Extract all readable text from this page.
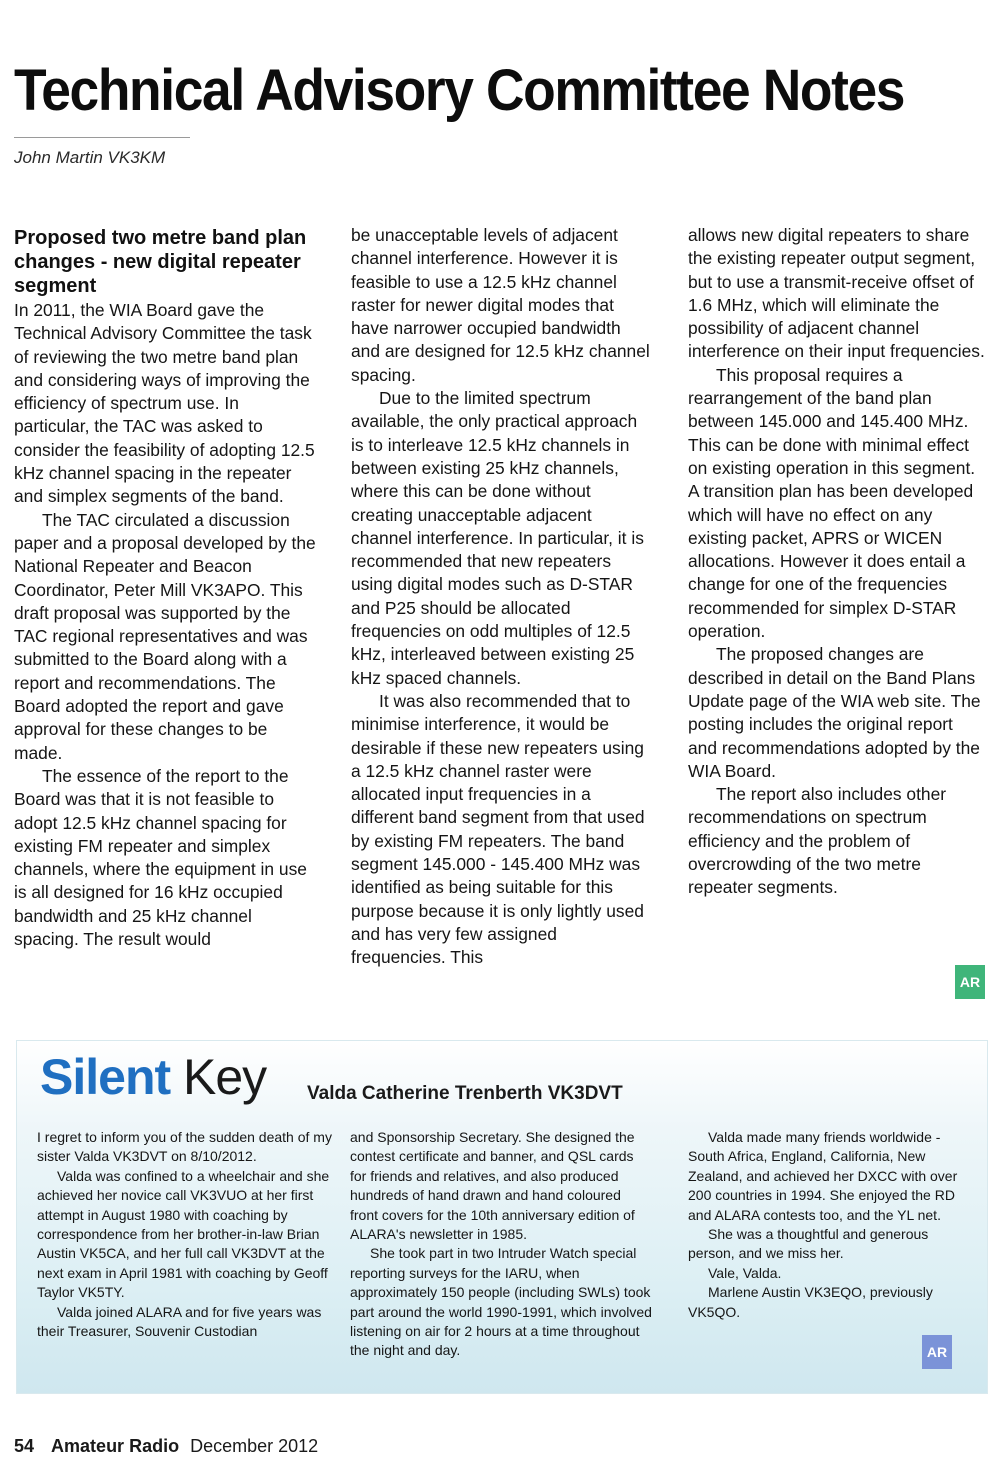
Technical Advisory Committee Notes
John Martin VK3KM
Proposed two metre band plan changes - new digital repeater segment

In 2011, the WIA Board gave the Technical Advisory Committee the task of reviewing the two metre band plan and considering ways of improving the efficiency of spectrum use. In particular, the TAC was asked to consider the feasibility of adopting 12.5 kHz channel spacing in the repeater and simplex segments of the band.

The TAC circulated a discussion paper and a proposal developed by the National Repeater and Beacon Coordinator, Peter Mill VK3APO. This draft proposal was supported by the TAC regional representatives and was submitted to the Board along with a report and recommendations. The Board adopted the report and gave approval for these changes to be made.

The essence of the report to the Board was that it is not feasible to adopt 12.5 kHz channel spacing for existing FM repeater and simplex channels, where the equipment in use is all designed for 16 kHz occupied bandwidth and 25 kHz channel spacing. The result would

be unacceptable levels of adjacent channel interference. However it is feasible to use a 12.5 kHz channel raster for newer digital modes that have narrower occupied bandwidth and are designed for 12.5 kHz channel spacing.

Due to the limited spectrum available, the only practical approach is to interleave 12.5 kHz channels in between existing 25 kHz channels, where this can be done without creating unacceptable adjacent channel interference. In particular, it is recommended that new repeaters using digital modes such as D-STAR and P25 should be allocated frequencies on odd multiples of 12.5 kHz, interleaved between existing 25 kHz spaced channels.

It was also recommended that to minimise interference, it would be desirable if these new repeaters using a 12.5 kHz channel raster were allocated input frequencies in a different band segment from that used by existing FM repeaters. The band segment 145.000 - 145.400 MHz was identified as being suitable for this purpose because it is only lightly used and has very few assigned frequencies. This

allows new digital repeaters to share the existing repeater output segment, but to use a transmit-receive offset of 1.6 MHz, which will eliminate the possibility of adjacent channel interference on their input frequencies.

This proposal requires a rearrangement of the band plan between 145.000 and 145.400 MHz. This can be done with minimal effect on existing operation in this segment. A transition plan has been developed which will have no effect on any existing packet, APRS or WICEN allocations. However it does entail a change for one of the frequencies recommended for simplex D-STAR operation.

The proposed changes are described in detail on the Band Plans Update page of the WIA web site. The posting includes the original report and recommendations adopted by the WIA Board.

The report also includes other recommendations on spectrum efficiency and the problem of overcrowding of the two metre repeater segments.

AR
Silent Key Valda Catherine Trenberth VK3DVT

I regret to inform you of the sudden death of my sister Valda VK3DVT on 8/10/2012.

Valda was confined to a wheelchair and she achieved her novice call VK3VUO at her first attempt in August 1980 with coaching by correspondence from her brother-in-law Brian Austin VK5CA, and her full call VK3DVT at the next exam in April 1981 with coaching by Geoff Taylor VK5TY.

Valda joined ALARA and for five years was their Treasurer, Souvenir Custodian

and Sponsorship Secretary. She designed the contest certificate and banner, and QSL cards for friends and relatives, and also produced hundreds of hand drawn and hand coloured front covers for the 10th anniversary edition of ALARA's newsletter in 1985.

She took part in two Intruder Watch special reporting surveys for the IARU, when approximately 150 people (including SWLs) took part around the world 1990-1991, which involved listening on air for 2 hours at a time throughout the night and day.

Valda made many friends worldwide - South Africa, England, California, New Zealand, and achieved her DXCC with over 200 countries in 1994. She enjoyed the RD and ALARA contests too, and the YL net.

She was a thoughtful and generous person, and we miss her.

Vale, Valda.

Marlene Austin VK3EQO, previously VK5QO.

AR
54 Amateur Radio December 2012
